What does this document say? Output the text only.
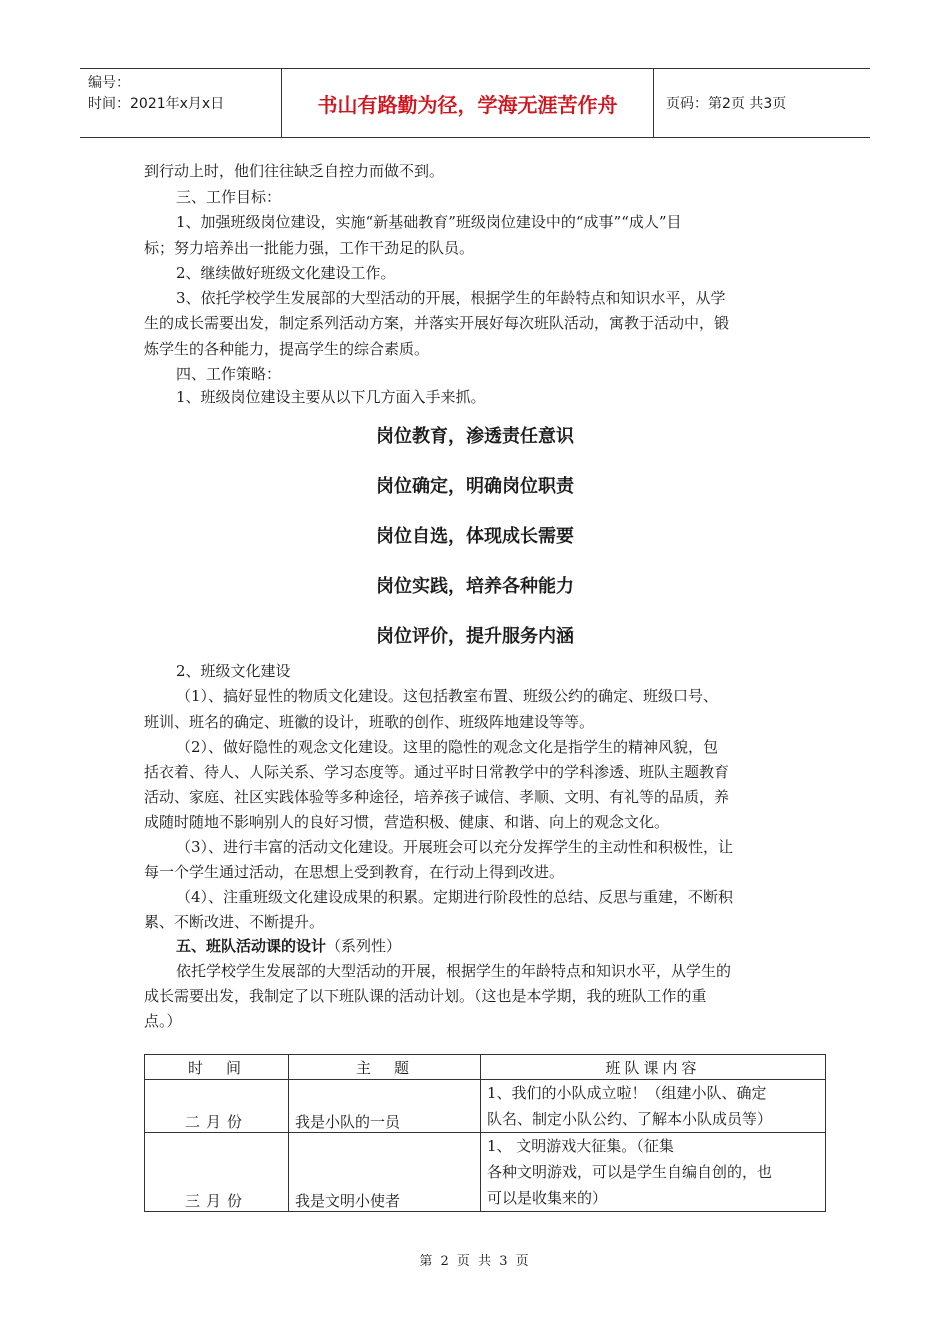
编号：
时间：2021年x月x日	书山有路勤为径，学海无涯苦作舟	页码：第2页 共3页
到行动上时，他们往往缺乏自控力而做不到。
三、工作目标：
1、加强班级岗位建设，实施“新基础教育”班级岗位建设中的“成事”“成人”目
标；努力培养出一批能力强，工作干劲足的队员。
2、继续做好班级文化建设工作。
3、依托学校学生发展部的大型活动的开展，根据学生的年龄特点和知识水平，从学
生的成长需要出发，制定系列活动方案，并落实开展好每次班队活动，寓教于活动中，锻
炼学生的各种能力，提高学生的综合素质。
四、工作策略：
1、班级岗位建设主要从以下几方面入手来抓。
岗位教育，渗透责任意识
岗位确定，明确岗位职责
岗位自选，体现成长需要
岗位实践，培养各种能力
岗位评价，提升服务内涵
2、班级文化建设
（1）、搞好显性的物质文化建设。这包括教室布置、班级公约的确定、班级口号、
班训、班名的确定、班徽的设计，班歌的创作、班级阵地建设等等。
（2）、做好隐性的观念文化建设。这里的隐性的观念文化是指学生的精神风貌，包
括衣着、待人、人际关系、学习态度等。通过平时日常教学中的学科渗透、班队主题教育
活动、家庭、社区实践体验等多种途径，培养孩子诚信、孝顺、文明、有礼等的品质，养
成随时随地不影响别人的良好习惯，营造积极、健康、和谐、向上的观念文化。
（3）、进行丰富的活动文化建设。开展班会可以充分发挥学生的主动性和积极性，让
每一个学生通过活动，在思想上受到教育，在行动上得到改进。
（4）、注重班级文化建设成果的积累。定期进行阶段性的总结、反思与重建，不断积
累、不断改进、不断提升。
五、班队活动课的设计（系列性）
依托学校学生发展部的大型活动的开展，根据学生的年龄特点和知识水平，从学生的
成长需要出发，我制定了以下班队课的活动计划。（这也是本学期，我的班队工作的重
点。）
时　间	主　题	班队课内容
二月份	我是小队的一员	1、我们的小队成立啦！（组建小队、确定
队名、制定小队公约、了解本小队成员等）

三月份	我是文明小使者	1、 文明游戏大征集。（征集
各种文明游戏，可以是学生自编自创的，也
可以是收集来的）
第 2 页 共 3 页
